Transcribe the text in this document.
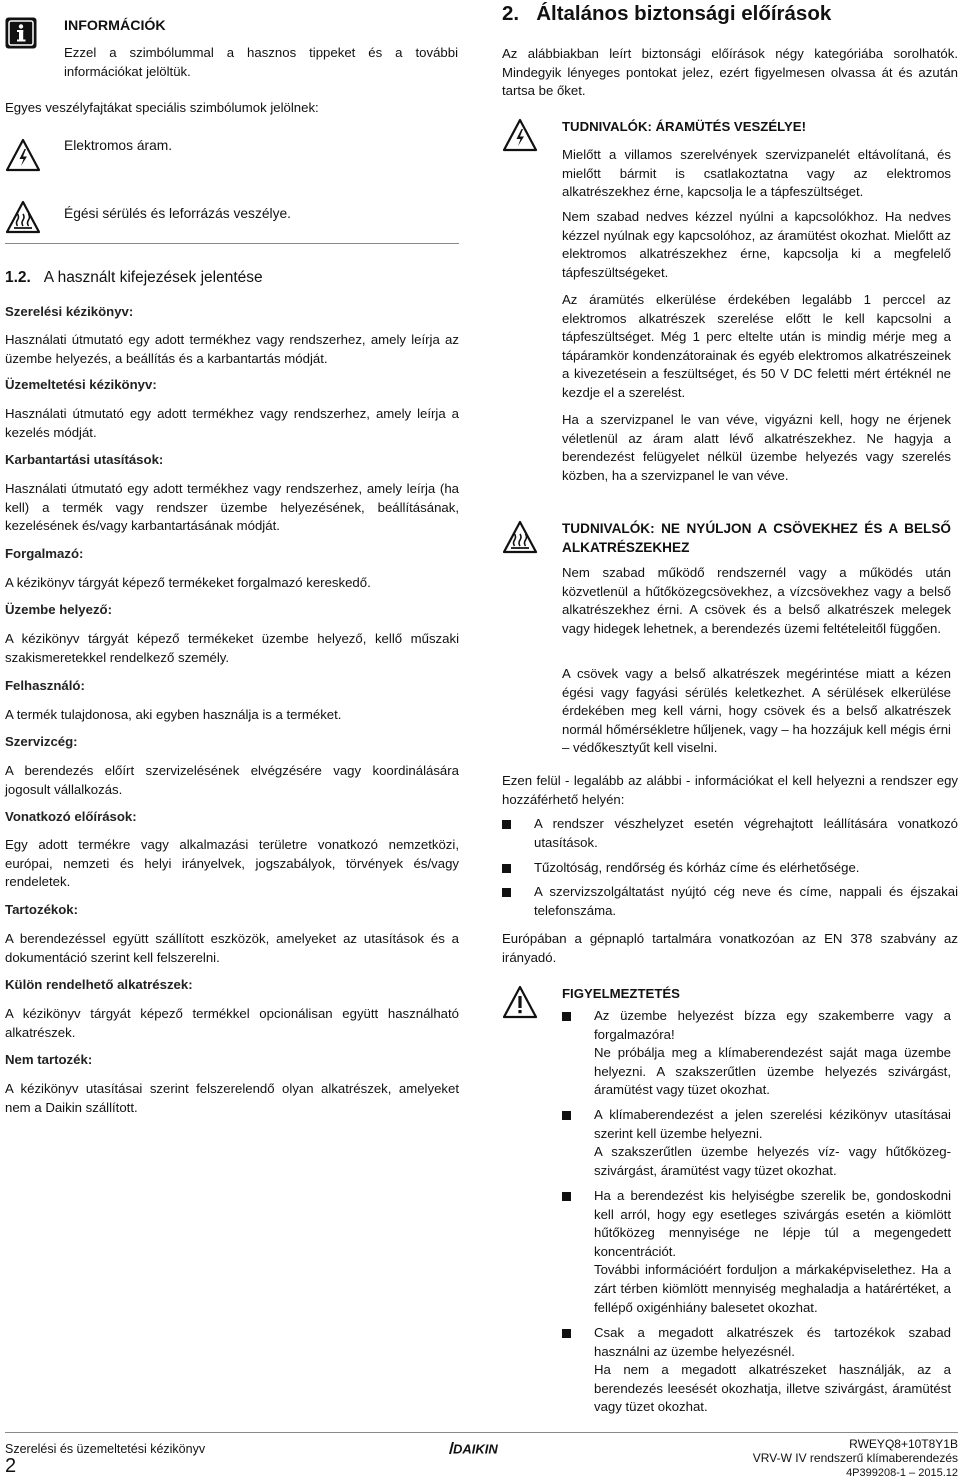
INFORMÁCIÓK

Ezzel a szimbólummal a hasznos tippeket és a további információkat jelöltük.

Egyes veszélyfajtákat speciális szimbólumok jelölnek:

Elektromos áram.
Égési sérülés és leforrázás veszélye.
1.2. A használt kifejezések jelentése
Szerelési kézikönyv:

Használati útmutató egy adott termékhez vagy rendszerhez, amely leírja az üzembe helyezés, a beállítás és a karbantartás módját.

Üzemeltetési kézikönyv:

Használati útmutató egy adott termékhez vagy rendszerhez, amely leírja a kezelés módját.

Karbantartási utasítások:

Használati útmutató egy adott termékhez vagy rendszerhez, amely leírja (ha kell) a termék vagy rendszer üzembe helyezésének, beállításának, kezelésének és/vagy karbantartásának módját.

Forgalmazó:

A kézikönyv tárgyát képező termékeket forgalmazó kereskedő.

Üzembe helyező:

A kézikönyv tárgyát képező termékeket üzembe helyező, kellő műszaki szakismeretekkel rendelkező személy.

Felhasználó:

A termék tulajdonosa, aki egyben használja is a terméket.

Szervizcég:

A berendezés előírt szervizelésének elvégzésére vagy koordinálására jogosult vállalkozás.

Vonatkozó előírások:

Egy adott termékre vagy alkalmazási területre vonatkozó nemzetközi, európai, nemzeti és helyi irányelvek, jogszabályok, törvények és/vagy rendeletek.

Tartozékok:

A berendezéssel együtt szállított eszközök, amelyeket az utasítások és a dokumentáció szerint kell felszerelni.

Külön rendelhető alkatrészek:

A kézikönyv tárgyát képező termékkel opcionálisan együtt használható alkatrészek.

Nem tartozék:

A kézikönyv utasításai szerint felszerelendő olyan alkatrészek, amelyeket nem a Daikin szállított.

2. Általános biztonsági előírások

Az alábbiakban leírt biztonsági előírások négy kategóriába sorolhatók. Mindegyik lényeges pontokat jelez, ezért figyelmesen olvassa át és azután tartsa be őket.

TUDNIVALÓK: ÁRAMÜTÉS VESZÉLYE!

Mielőtt a villamos szerelvények szervizpanelét eltávolítaná, és mielőtt bármit is csatlakoztatna vagy az elektromos alkatrészekhez érne, kapcsolja le a tápfeszültséget.

Nem szabad nedves kézzel nyúlni a kapcsolókhoz. Ha nedves kézzel nyúlnak egy kapcsolóhoz, az áramütést okozhat. Mielőtt az elektromos alkatrészekhez érne, kapcsolja ki a megfelelő tápfeszültségeket.

Az áramütés elkerülése érdekében legalább 1 perccel az elektromos alkatrészek szerelése előtt le kell kapcsolni a tápfeszültséget. Még 1 perc eltelte után is mindig mérje meg a tápáramkör kondenzátorainak és egyéb elektromos alkatrészeinek a kivezetésein a feszültséget, és 50 V DC feletti mért értéknél ne kezdje el a szerelést.

Ha a szervizpanel le van véve, vigyázni kell, hogy ne érjenek véletlenül az áram alatt lévő alkatrészekhez. Ne hagyja a berendezést felügyelet nélkül üzembe helyezés vagy szerelés közben, ha a szervizpanel le van véve.

TUDNIVALÓK: NE NYÚLJON A CSÖVEKHEZ ÉS A BELSŐ ALKATRÉSZEKHEZ

Nem szabad működő rendszernél vagy a működés után közvetlenül a hűtőközegcsövekhez, a vízcsövekhez vagy a belső alkatrészekhez érni. A csövek és a belső alkatrészek melegek vagy hidegek lehetnek, a berendezés üzemi feltételeitől függően.

A csövek vagy a belső alkatrészek megérintése miatt a kézen égési vagy fagyási sérülés keletkezhet. A sérülések elkerülése érdekében meg kell várni, hogy csövek és a belső alkatrészek normál hőmérsékletre hűljenek, vagy – ha hozzájuk kell mégis érni – védőkesztyűt kell viselni.

Ezen felül - legalább az alábbi - információkat el kell helyezni a rendszer egy hozzáférhető helyén:

A rendszer vészhelyzet esetén végrehajtott leállítására vonatkozó utasítások.
Tűzoltóság, rendőrség és kórház címe és elérhetősége.
A szervizszolgáltatást nyújtó cég neve és címe, nappali és éjszakai telefonszáma.

Európában a gépnapló tartalmára vonatkozóan az EN 378 szabvány az irányadó.

FIGYELMEZTETÉS

Az üzembe helyezést bízza egy szakemberre vagy a forgalmazóra!

Ne próbálja meg a klímaberendezést saját maga üzembe helyezni. A szakszerűtlen üzembe helyezés szivárgást, áramütést vagy tüzet okozhat.

A klímaberendezést a jelen szerelési kézikönyv utasításai szerint kell üzembe helyezni.

A szakszerűtlen üzembe helyezés víz- vagy hűtőközeg-szivárgást, áramütést vagy tüzet okozhat.

Ha a berendezést kis helyiségbe szerelik be, gondoskodni kell arról, hogy egy esetleges szivárgás esetén a kiömlött hűtőközeg mennyisége ne lépje túl a megengedett koncentrációt.

További információért forduljon a márkaképviselethez. Ha a zárt térben kiömlött mennyiség meghaladja a határértéket, a fellépő oxigénhiány balesetet okozhat.

Csak a megadott alkatrészek és tartozékok szabad használni az üzembe helyezésnél.

Ha nem a megadott alkatrészeket használják, az a berendezés leesését okozhatja, illetve szivárgást, áramütést vagy tüzet okozhat.

Szerelési és üzemeltetési kézikönyv
2
DAIKIN	RWEYQ8+10T8Y1B
VRV-W IV rendszerű klímaberendezés
4P399208-1 – 2015.12
